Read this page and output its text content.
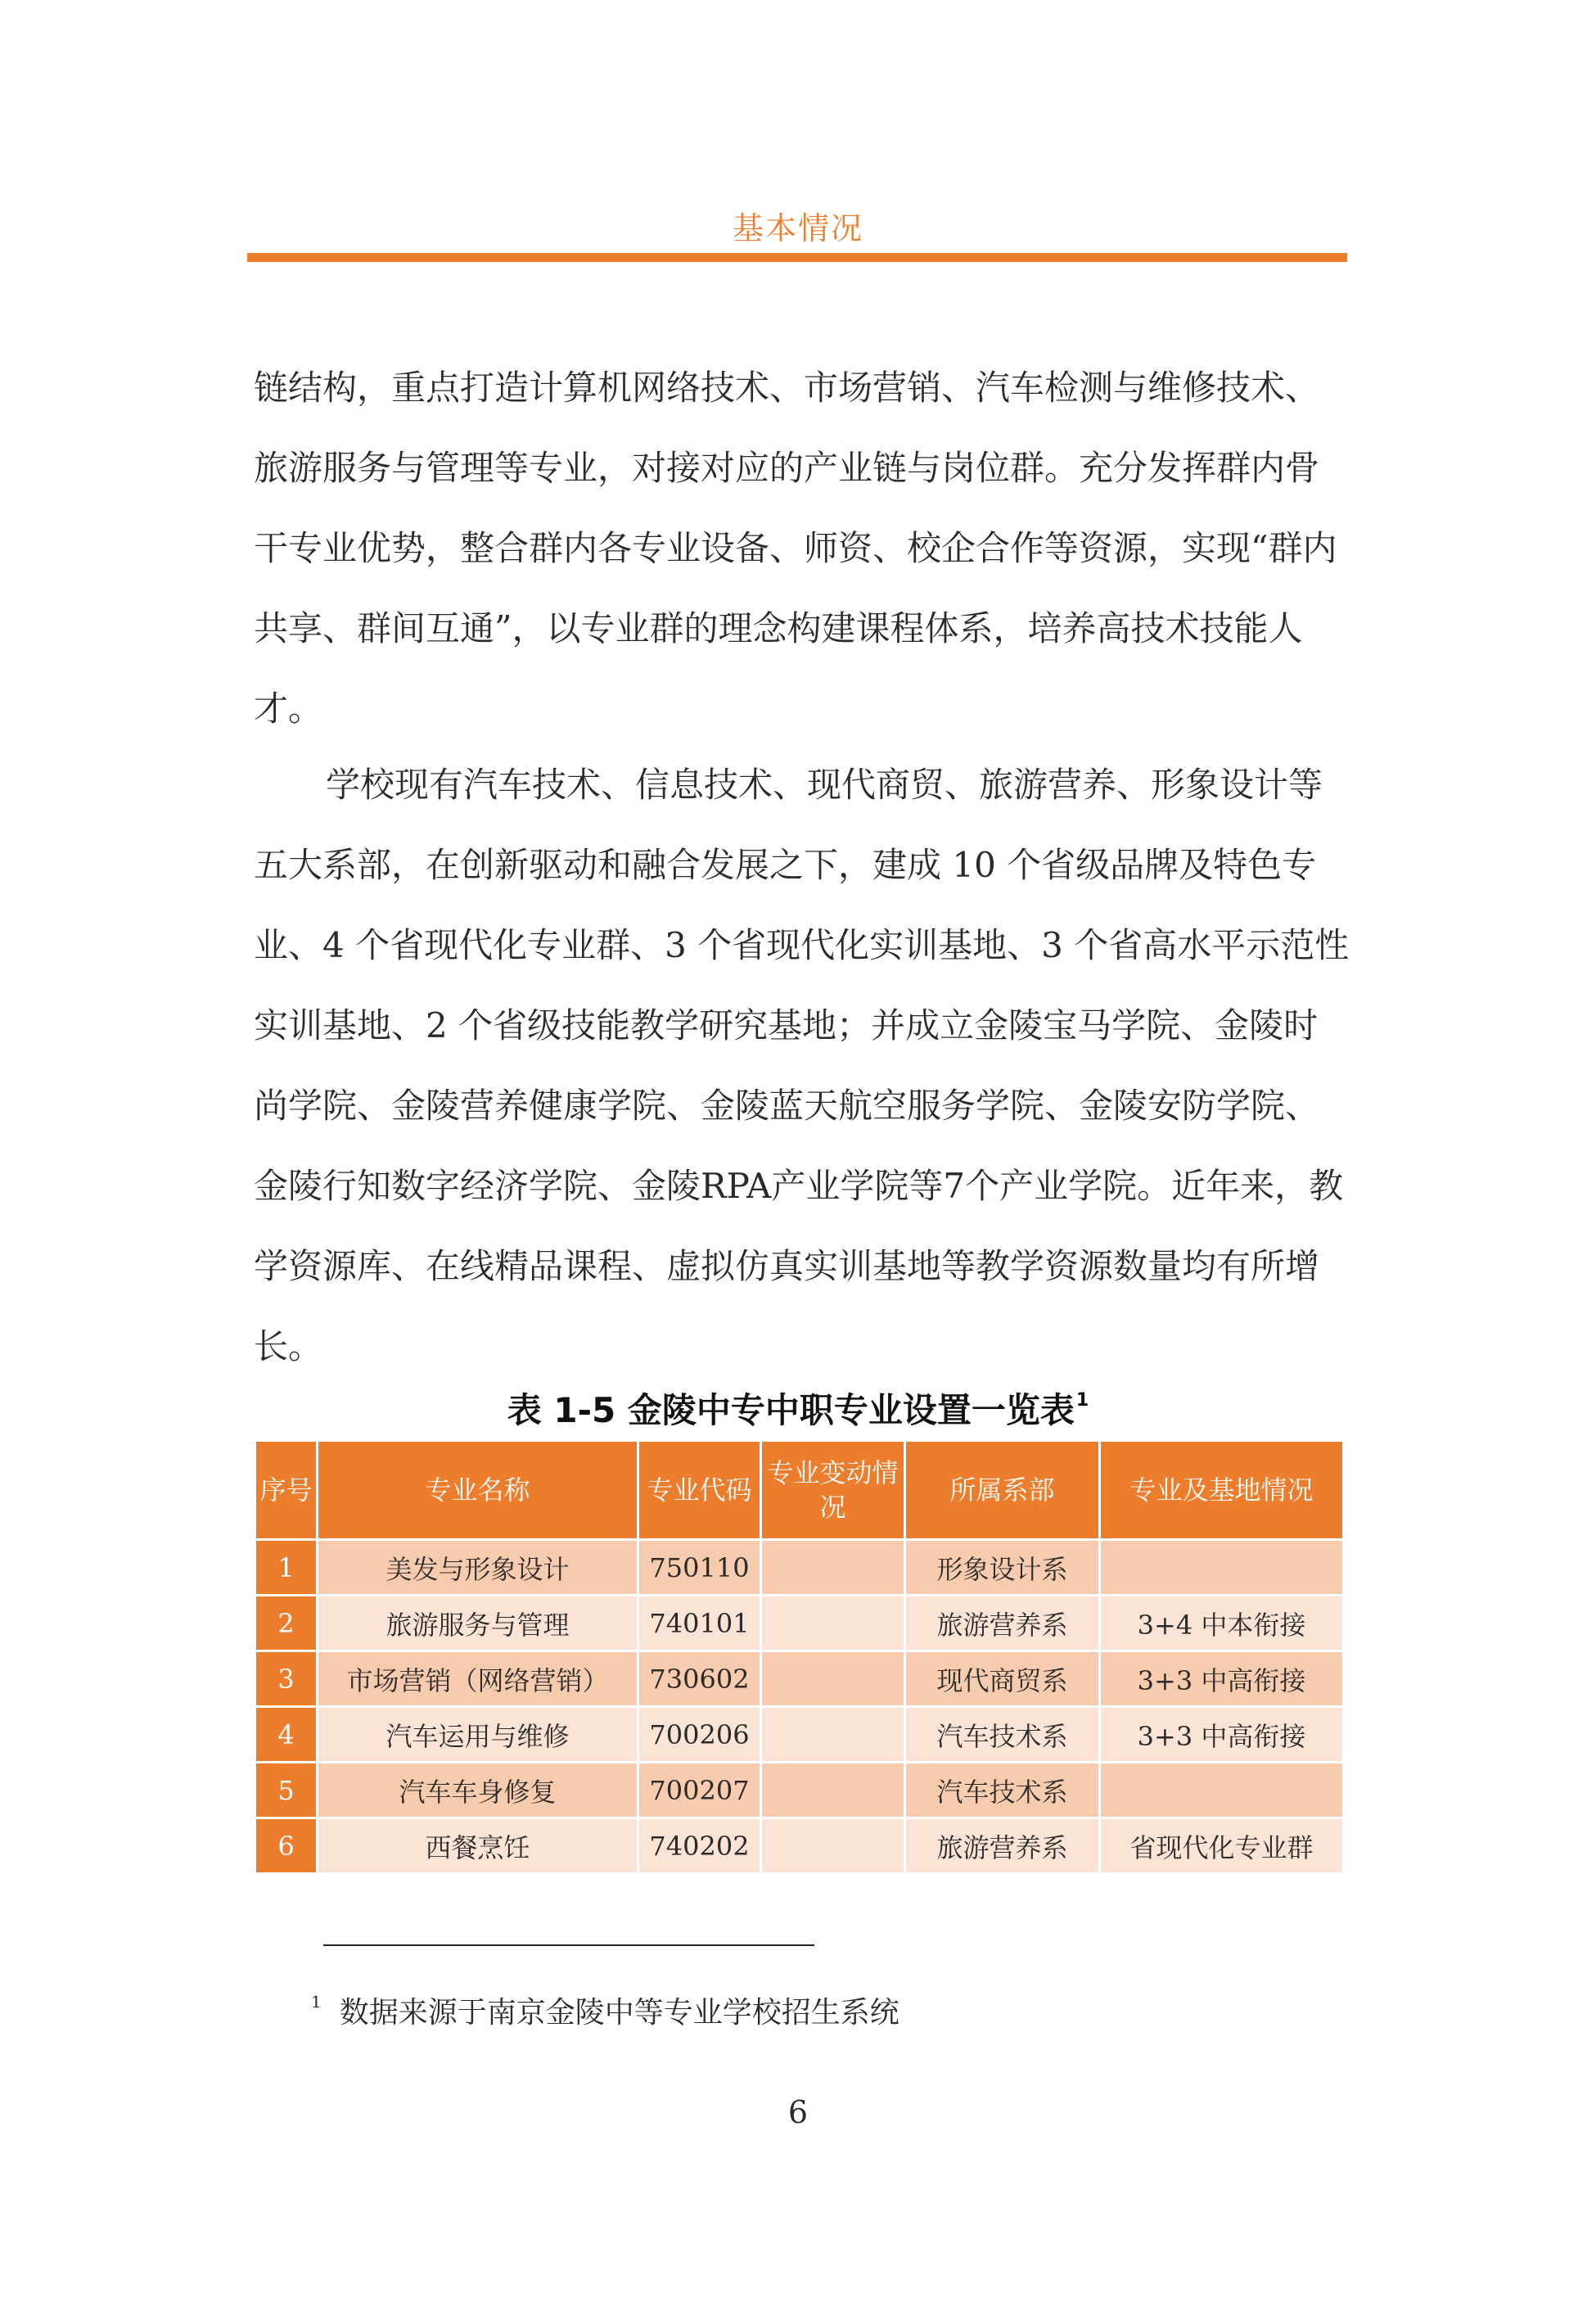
基本情况

链结构，重点打造计算机网络技术、市场营销、汽车检测与维修技术、旅游服务与管理等专业，对接对应的产业链与岗位群。充分发挥群内骨干专业优势，整合群内各专业设备、师资、校企合作等资源，实现“群内共享、群间互通”，以专业群的理念构建课程体系，培养高技术技能人才。

学校现有汽车技术、信息技术、现代商贸、旅游营养、形象设计等五大系部，在创新驱动和融合发展之下，建成 10 个省级品牌及特色专业、4 个省现代化专业群、3 个省现代化实训基地、3 个省高水平示范性实训基地、2 个省级技能教学研究基地；并成立金陵宝马学院、金陵时尚学院、金陵营养健康学院、金陵蓝天航空服务学院、金陵安防学院、金陵行知数字经济学院、金陵RPA产业学院等7个产业学院。近年来，教学资源库、在线精品课程、虚拟仿真实训基地等教学资源数量均有所增长。

表 1-5 金陵中专中职专业设置一览表$^1$
序号	专业名称	专业代码	专业变动情况	所属系部	专业及基地情况
1	美发与形象设计	750110		形象设计系	
2	旅游服务与管理	740101		旅游营养系	3+4 中本衔接
3	市场营销（网络营销）	730602		现代商贸系	3+3 中高衔接
4	汽车运用与维修	700206		汽车技术系	3+3 中高衔接
5	汽车车身修复	700207		汽车技术系	
6	西餐烹饪	740202		旅游营养系	省现代化专业群
$^1$ 数据来源于南京金陵中等专业学校招生系统
6
